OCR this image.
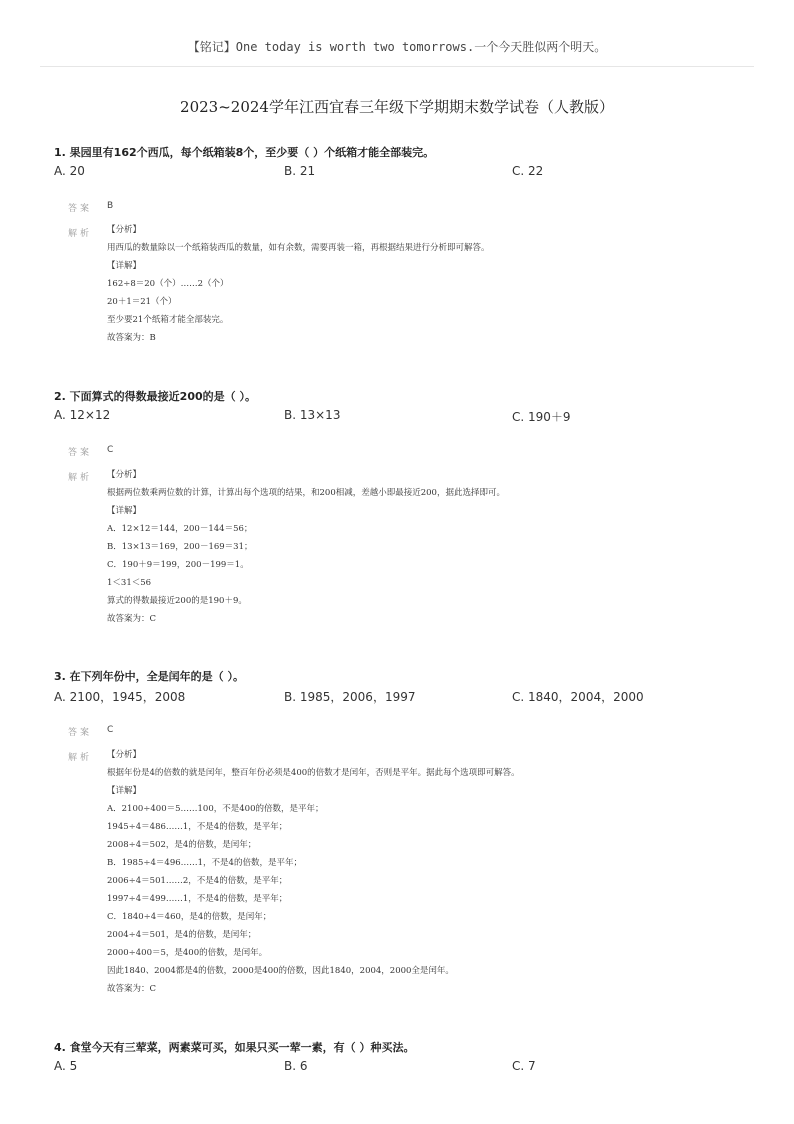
【铭记】One today is worth two tomorrows.一个今天胜似两个明天。
2023~2024学年江西宜春三年级下学期期末数学试卷（人教版）
1. 果园里有162个西瓜，每个纸箱装8个，至少要（ ）个纸箱才能全部装完。
A. 20	B. 21	C. 22
答案 B
解析 【分析】
用西瓜的数量除以一个纸箱装西瓜的数量，如有余数，需要再装一箱，再根据结果进行分析即可解答。
【详解】
162÷8＝20（个）……2（个）
20＋1＝21（个）
至少要21个纸箱才能全部装完。
故答案为：B
2. 下面算式的得数最接近200的是（ ）。
A. 12×12	B. 13×13	C. 190＋9
答案 C
解析 【分析】
根据两位数乘两位数的计算，计算出每个选项的结果，和200相减，差越小即最接近200，据此选择即可。
【详解】
A．12×12＝144，200－144＝56；
B．13×13＝169，200－169＝31；
C．190＋9＝199，200－199＝1。
1＜31＜56
算式的得数最接近200的是190＋9。
故答案为：C
3. 在下列年份中，全是闰年的是（ ）。
A. 2100，1945，2008	B. 1985，2006，1997	C. 1840，2004，2000
答案 C
解析 【分析】
根据年份是4的倍数的就是闰年，整百年份必须是400的倍数才是闰年，否则是平年。据此每个选项即可解答。
【详解】
A．2100÷400＝5……100，不是400的倍数，是平年；
1945÷4＝486……1，不是4的倍数，是平年；
2008÷4＝502，是4的倍数，是闰年；
B．1985÷4＝496……1，不是4的倍数，是平年；
2006÷4＝501……2，不是4的倍数，是平年；
1997÷4＝499……1，不是4的倍数，是平年；
C．1840÷4＝460，是4的倍数，是闰年；
2004÷4＝501，是4的倍数，是闰年；
2000÷400＝5，是400的倍数，是闰年。
因此1840、2004都是4的倍数，2000是400的倍数，因此1840，2004，2000全是闰年。
故答案为：C
4. 食堂今天有三荤菜，两素菜可买，如果只买一荤一素，有（ ）种买法。
A. 5	B. 6	C. 7
